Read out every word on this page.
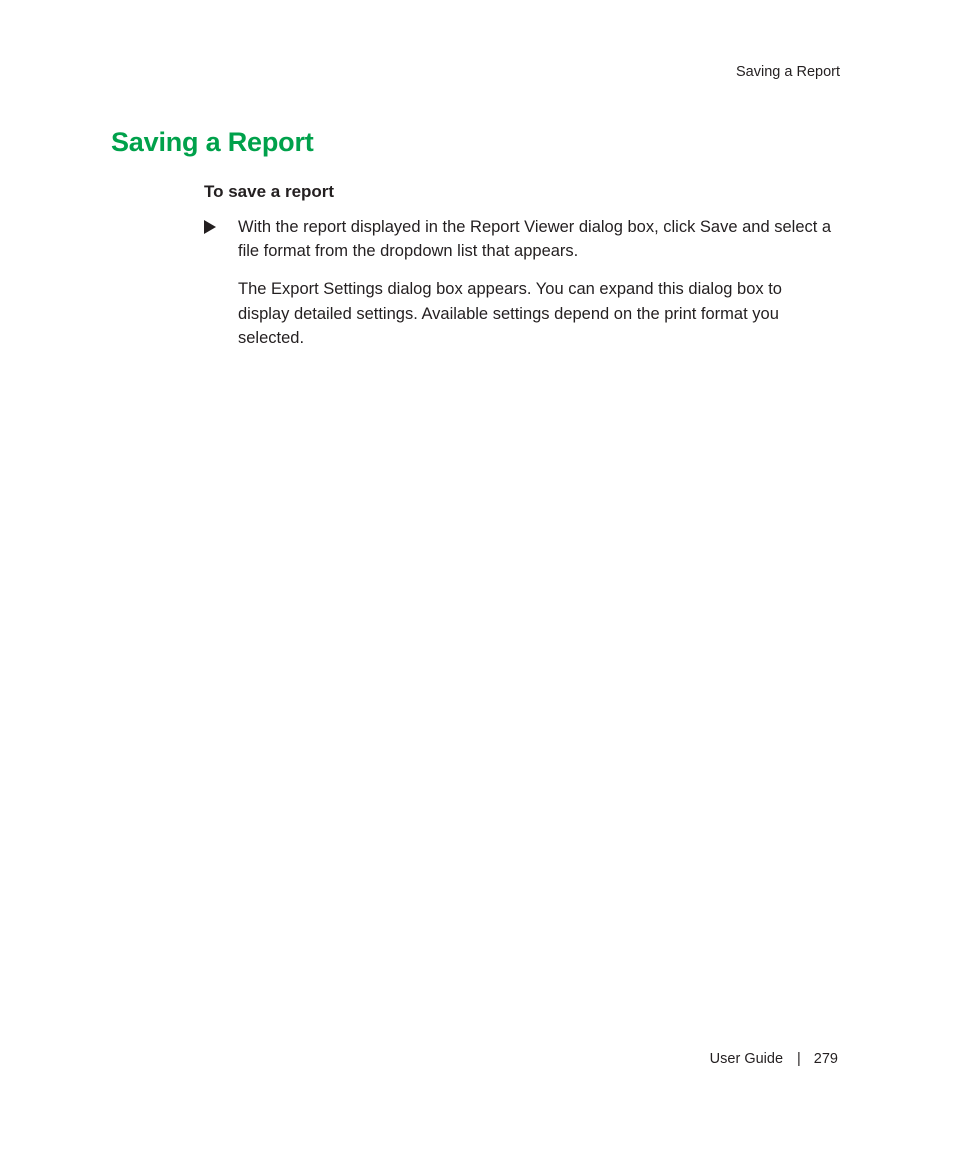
Saving a Report
Saving a Report
To save a report

With the report displayed in the Report Viewer dialog box, click Save and select a file format from the dropdown list that appears.

The Export Settings dialog box appears. You can expand this dialog box to display detailed settings. Available settings depend on the print format you selected.

User Guide | 279
